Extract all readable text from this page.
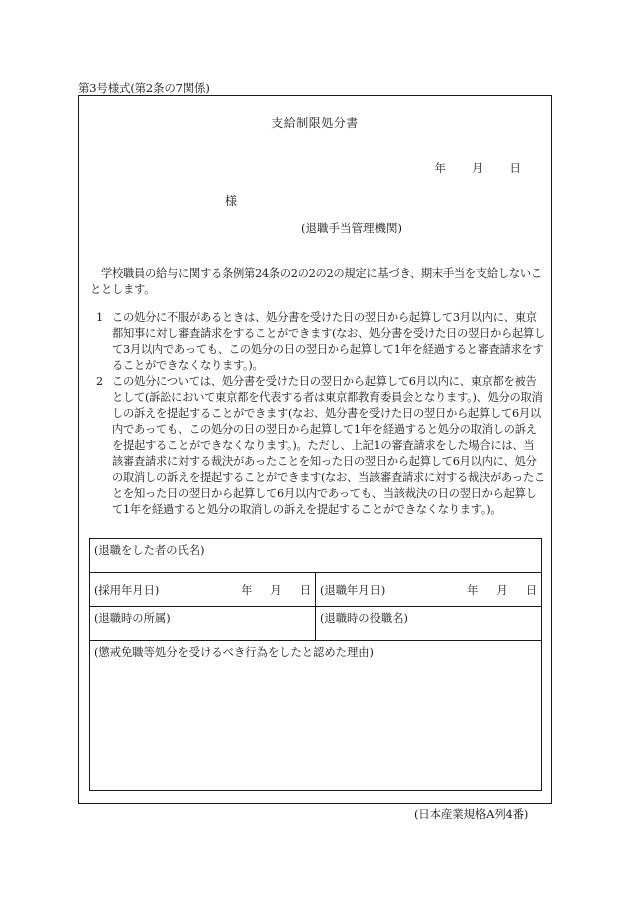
第3号様式(第2条の7関係)
支給制限処分書
年 月 日
様
(退職手当管理機関)
学校職員の給与に関する条例第24条の2の2の2の規定に基づき、期末手当を支給しないこととします。
1 この処分に不服があるときは、処分書を受けた日の翌日から起算して3月以内に、東京都知事に対し審査請求をすることができます(なお、処分書を受けた日の翌日から起算して3月以内であっても、この処分の日の翌日から起算して1年を経過すると審査請求をすることができなくなります。)。
2 この処分については、処分書を受けた日の翌日から起算して6月以内に、東京都を被告として(訴訟において東京都を代表する者は東京都教育委員会となります。)、処分の取消しの訴えを提起することができます(なお、処分書を受けた日の翌日から起算して6月以内であっても、この処分の日の翌日から起算して1年を経過すると処分の取消しの訴えを提起することができなくなります。)。ただし、上記1の審査請求をした場合には、当該審査請求に対する裁決があったことを知った日の翌日から起算して6月以内に、処分の取消しの訴えを提起することができます(なお、当該審査請求に対する裁決があったことを知った日の翌日から起算して6月以内であっても、当該裁決の日の翌日から起算して1年を経過すると処分の取消しの訴えを提起することができなくなります。)。
(退職をした者の氏名)	

(採用年月日) 年 月 日	(退職年月日) 年 月 日

(退職時の所属)	(退職時の役職名)
(懲戒免職等処分を受けるべき行為をしたと認めた理由)	
(日本産業規格A列4番)
